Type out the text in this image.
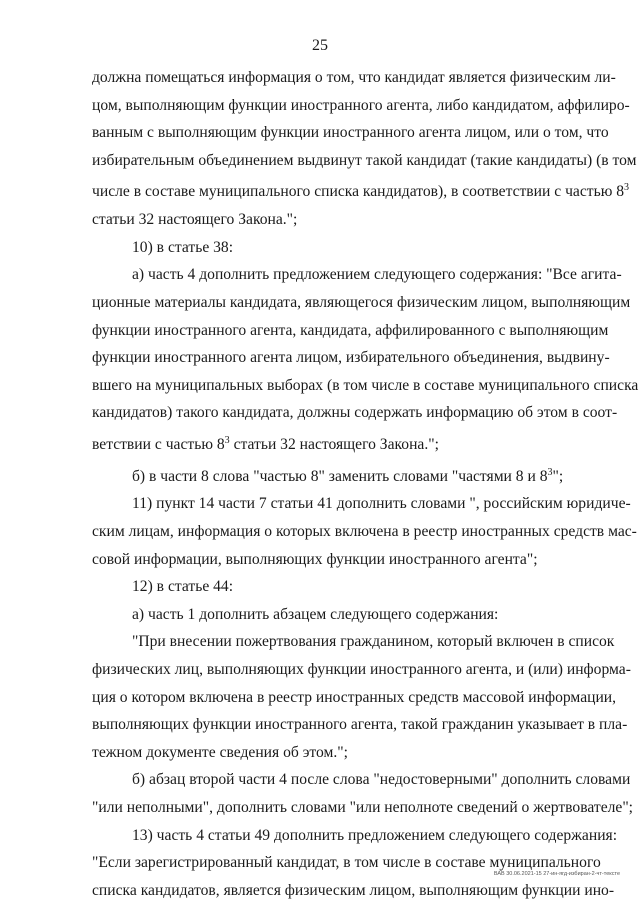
25

должна помещаться информация о том, что кандидат является физическим ли-
цом, выполняющим функции иностранного агента, либо кандидатом, аффилиро-
ванным с выполняющим функции иностранного агента лицом, или о том, что
избирательным объединением выдвинут такой кандидат (такие кандидаты) (в том
числе в составе муниципального списка кандидатов), в соответствии с частью $8^3$
статьи 32 настоящего Закона.";

10) в статье 38:

а) часть 4 дополнить предложением следующего содержания: "Все агита-
ционные материалы кандидата, являющегося физическим лицом, выполняющим
функции иностранного агента, кандидата, аффилированного с выполняющим
функции иностранного агента лицом, избирательного объединения, выдвину-
вшего на муниципальных выборах (в том числе в составе муниципального списка
кандидатов) такого кандидата, должны содержать информацию об этом в соот-
ветствии с частью $8^3$ статьи 32 настоящего Закона.";

б) в части 8 слова "частью 8" заменить словами "частями 8 и $8^3$";

11) пункт 14 части 7 статьи 41 дополнить словами ", российским юридиче-
ским лицам, информация о которых включена в реестр иностранных средств мас-
совой информации, выполняющих функции иностранного агента";

12) в статье 44:

а) часть 1 дополнить абзацем следующего содержания:

"При внесении пожертвования гражданином, который включен в список
физических лиц, выполняющих функции иностранного агента, и (или) информа-
ция о котором включена в реестр иностранных средств массовой информации,
выполняющих функции иностранного агента, такой гражданин указывает в пла-
тежном документе сведения об этом.";

б) абзац второй части 4 после слова "недостоверными" дополнить словами
"или неполными", дополнить словами "или неполноте сведений о жертвователе";

13) часть 4 статьи 49 дополнить предложением следующего содержания:
"Если зарегистрированный кандидат, в том числе в составе муниципального
списка кандидатов, является физическим лицом, выполняющим функции ино-

ВАВ 30.06.2021-15 27-ин-ягд-избиран-2-чт-тексте
